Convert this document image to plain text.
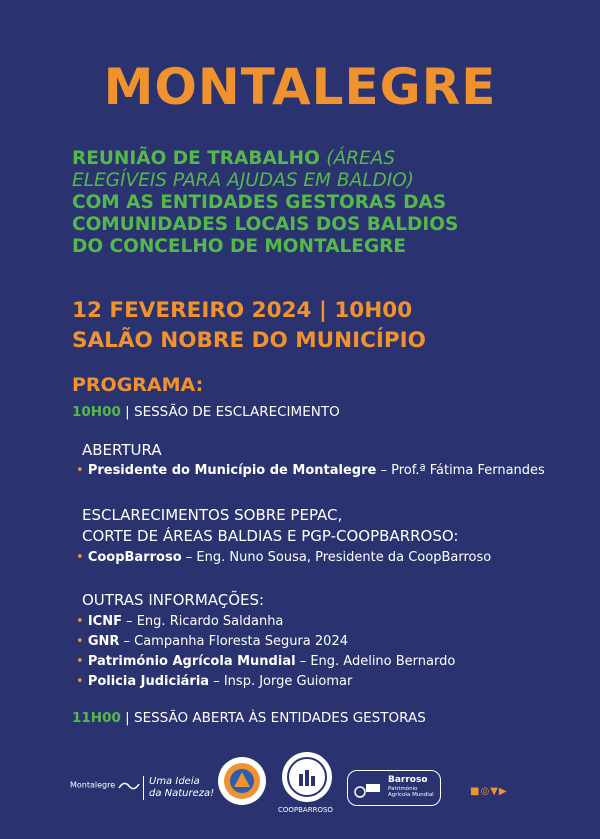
MONTALEGRE
REUNIÃO DE TRABALHO (ÁREAS
ELEGÍVEIS PARA AJUDAS EM BALDIO)
COM AS ENTIDADES GESTORAS DAS
COMUNIDADES LOCAIS DOS BALDIOS
DO CONCELHO DE MONTALEGRE
12 FEVEREIRO 2024 | 10H00
SALÃO NOBRE DO MUNICÍPIO
PROGRAMA:
10H00 | SESSÃO DE ESCLARECIMENTO
ABERTURA
• Presidente do Município de Montalegre – Prof.ª Fátima Fernandes
ESCLARECIMENTOS SOBRE PEPAC,
CORTE DE ÁREAS BALDIAS E PGP-COOPBARROSO:
• CoopBarroso – Eng. Nuno Sousa, Presidente da CoopBarroso
OUTRAS INFORMAÇÕES:
• ICNF – Eng. Ricardo Saldanha
• GNR – Campanha Floresta Segura 2024
• Património Agrícola Mundial – Eng. Adelino Bernardo
• Policia Judiciária – Insp. Jorge Guiomar
11H00 | SESSÃO ABERTA ÀS ENTIDADES GESTORAS
Montalegre	Uma Ideia
da Natureza!
COOPBARROSO
Barroso
Património Agrícola Mundial	■◎▼▶
